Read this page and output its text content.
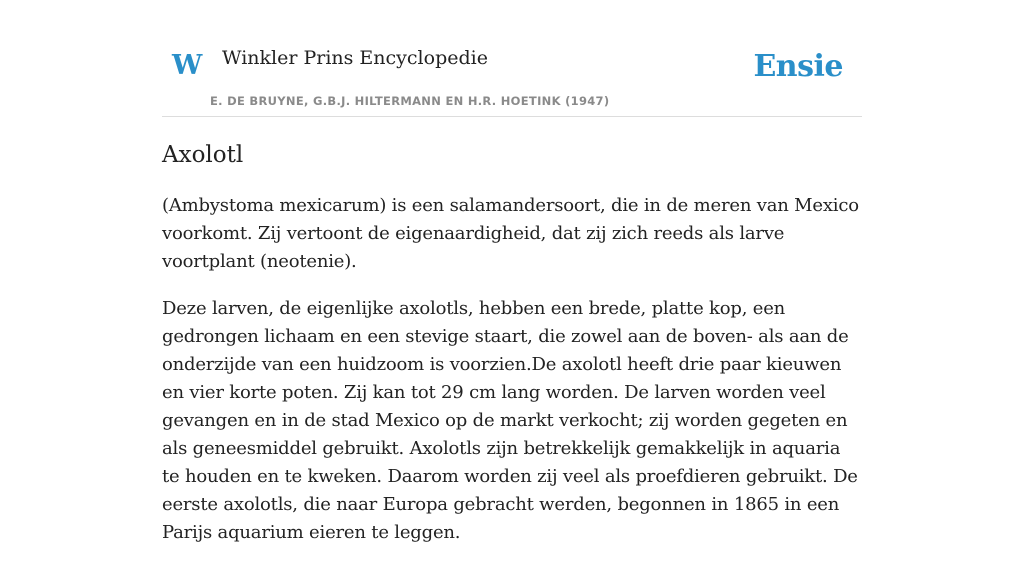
W Winkler Prins Encyclopedie
E. DE BRUYNE, G.B.J. HILTERMANN EN H.R. HOETINK (1947)
Ensie
Axolotl

(Ambystoma mexicarum) is een salamandersoort, die in de meren van Mexico voorkomt. Zij vertoont de eigenaardigheid, dat zij zich reeds als larve voortplant (neotenie).

Deze larven, de eigenlijke axolotls, hebben een brede, platte kop, een gedrongen lichaam en een stevige staart, die zowel aan de boven- als aan de onderzijde van een huidzoom is voorzien.De axolotl heeft drie paar kieuwen en vier korte poten. Zij kan tot 29 cm lang worden. De larven worden veel gevangen en in de stad Mexico op de markt verkocht; zij worden gegeten en als geneesmiddel gebruikt. Axolotls zijn betrekkelijk gemakkelijk in aquaria te houden en te kweken. Daarom worden zij veel als proefdieren gebruikt. De eerste axolotls, die naar Europa gebracht werden, begonnen in 1865 in een Parijs aquarium eieren te leggen.
